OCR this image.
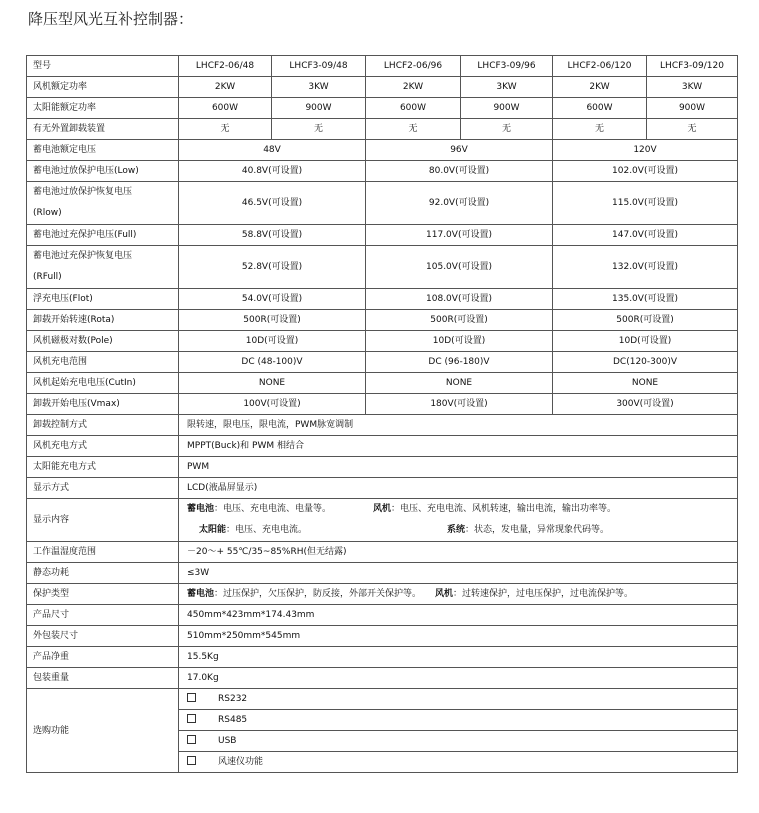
降压型风光互补控制器：
型号	LHCF2-06/48	LHCF3-09/48	LHCF2-06/96	LHCF3-09/96	LHCF2-06/120	LHCF3-09/120
风机额定功率	2KW	3KW	2KW	3KW	2KW	3KW
太阳能额定功率	600W	900W	600W	900W	600W	900W
有无外置卸载装置	无	无	无	无	无	无
蓄电池额定电压	48V		96V		120V	
蓄电池过放保护电压(Low)	40.8V(可设置)		80.0V(可设置)		102.0V(可设置)	

蓄电池过放保护恢复电压
(Rlow)	46.5V(可设置)		92.0V(可设置)		115.0V(可设置)	
蓄电池过充保护电压(Full)	58.8V(可设置)		117.0V(可设置)		147.0V(可设置)	

蓄电池过充保护恢复电压
(RFull)	52.8V(可设置)		105.0V(可设置)		132.0V(可设置)	
浮充电压(Flot)	54.0V(可设置)		108.0V(可设置)		135.0V(可设置)	
卸载开始转速(Rota)	500R(可设置)		500R(可设置)		500R(可设置)	
风机磁极对数(Pole)	10D(可设置)		10D(可设置)		10D(可设置)	
风机充电范围	DC (48-100)V		DC (96-180)V		DC(120-300)V	
风机起始充电电压(CutIn)	NONE		NONE		NONE	
卸载开始电压(Vmax)	100V(可设置)		180V(可设置)		300V(可设置)	
卸载控制方式	限转速，限电压，限电流，PWM脉宽调制					
风机充电方式	MPPT(Buck)和 PWM 相结合					
太阳能充电方式	PWM					
显示方式	LCD(液晶屏显示)					
显示内容	蓄电池：电压、充电电流、电量等。 风机：电压、充电电流、风机转速，输出电流，输出功率等。
太阳能：电压、充电电流。 系统：状态，发电量，异常现象代码等。					

工作温湿度范围	－20～+ 55℃/35~85%RH(但无结露)					
静态功耗	≤3W					
保护类型	蓄电池：过压保护，欠压保护，防反接，外部开关保护等。 风机：过转速保护，过电压保护，过电流保护等。					
产品尺寸	450mm*423mm*174.43mm					
外包装尺寸	510mm*250mm*545mm					
产品净重	15.5Kg					
包装重量	17.0Kg					
选购功能	RS232					
	RS485					
	USB					
	风速仪功能					
